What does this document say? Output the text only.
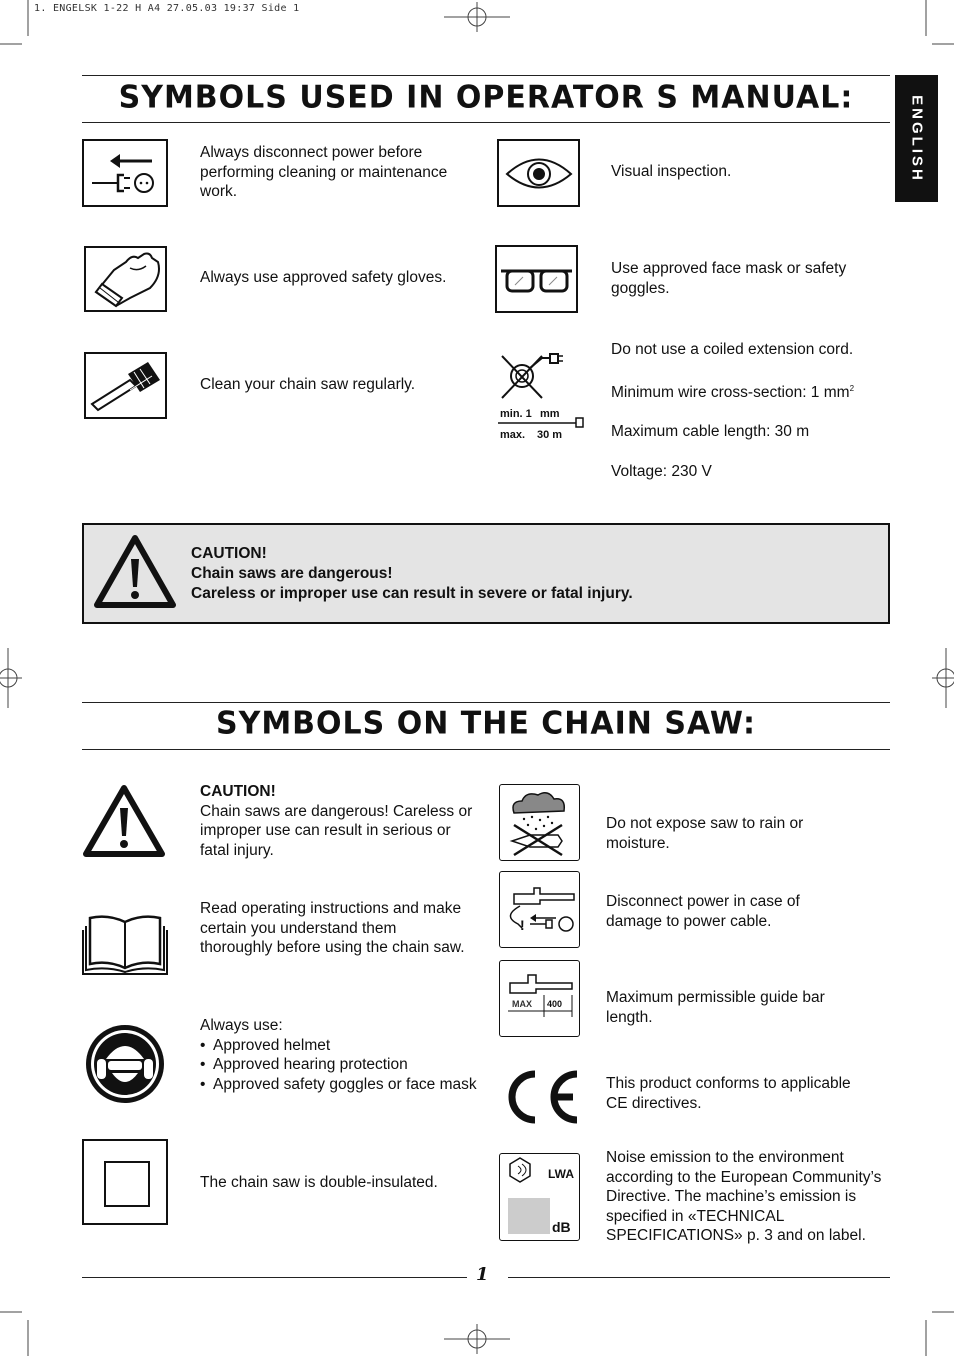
1. ENGELSK 1-22 H A4 27.05.03 19:37 Side 1
ENGLISH
SYMBOLS USED IN OPERATOR S MANUAL:
Always disconnect power before performing cleaning or maintenance work.
Visual inspection.
Always use approved safety gloves.
Use approved face mask or safety goggles.
Clean your chain saw regularly.
min. 1 mm
max. 30 m

Do not use a coiled extension cord.

Minimum wire cross-section: 1 $mm^2$

Maximum cable length: 30 m

Voltage: 230 V

CAUTION!
Chain saws are dangerous!
Careless or improper use can result in severe or fatal injury.
SYMBOLS ON THE CHAIN SAW:
CAUTION!
Chain saws are dangerous! Careless or improper use can result in serious or fatal injury.
Read operating instructions and make certain you understand them thoroughly before using the chain saw.
Always use:
• Approved helmet
• Approved hearing protection
• Approved safety goggles or face mask
The chain saw is double-insulated.
Do not expose saw to rain or moisture.
!
Disconnect power in case of damage to power cable.
MAX 400	Maximum permissible guide bar length.
This product conforms to applicable CE directives.
LWA
dB
Noise emission to the environment according to the European Community’s Directive. The machine’s emission is specified in «TECHNICAL SPECIFICATIONS» p. 3 and on label.
1
